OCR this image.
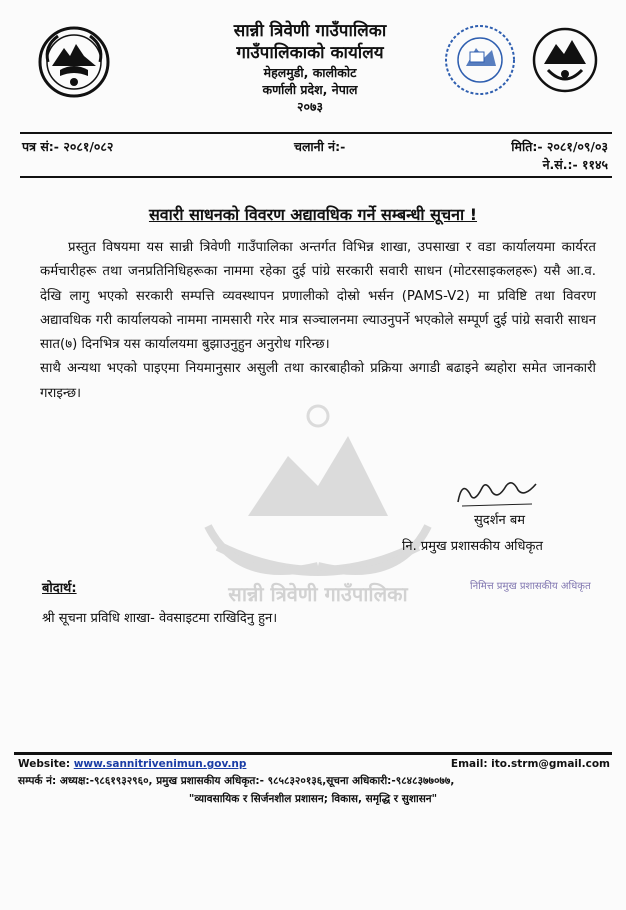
सान्नी त्रिवेणी गाउँपालिका
गाउँपालिकाको कार्यालय
मेहलमुडी, कालीकोट
कर्णाली प्रदेश, नेपाल
२०७३
पत्र सं:- २०८१/०८२	चलानी नं:-	मिति:- २०८१/०९/०३
ने.सं.:- ११४५
सवारी साधनको विवरण अद्यावधिक गर्ने सम्बन्धी सूचना !
सान्नी त्रिवेणी गाउँपालिका

प्रस्तुत विषयमा यस सान्नी त्रिवेणी गाउँपालिका अन्तर्गत विभिन्न शाखा, उपसाखा र वडा कार्यालयमा कार्यरत कर्मचारीहरू तथा जनप्रतिनिधिहरूका नाममा रहेका दुई पांग्रे सरकारी सवारी साधन (मोटरसाइकलहरू) यसै आ.व. देखि लागु भएको सरकारी सम्पत्ति व्यवस्थापन प्रणालीको दोस्रो भर्सन (PAMS-V2) मा प्रविष्टि तथा विवरण अद्यावधिक गरी कार्यालयको नाममा नामसारी गरेर मात्र सञ्चालनमा ल्याउनुपर्ने भएकोले सम्पूर्ण दुई पांग्रे सवारी साधन सात(७) दिनभित्र यस कार्यालयमा बुझाउनुहुन अनुरोध गरिन्छ।

साथै अन्यथा भएको पाइएमा नियमानुसार असुली तथा कारबाहीको प्रक्रिया अगाडी बढाइने ब्यहोरा समेत जानकारी गराइन्छ।

सुदर्शन बम
नि. प्रमुख प्रशासकीय अधिकृत
निमित्त प्रमुख प्रशासकीय अधिकृत
बोदार्थ:
श्री सूचना प्रविधि शाखा- वेवसाइटमा राखिदिनु हुन।
Website: www.sannitrivenimun.gov.np	Email: ito.strm@gmail.com
सम्पर्क नं: अध्यक्ष:-९८६१९३२९६०, प्रमुख प्रशासकीय अधिकृत:- ९८५८३२०१३६,सूचना अधिकारी:-९८४८३७७०७७,
"व्यावसायिक र सिर्जनशील प्रशासन; विकास, समृद्धि र सुशासन"
